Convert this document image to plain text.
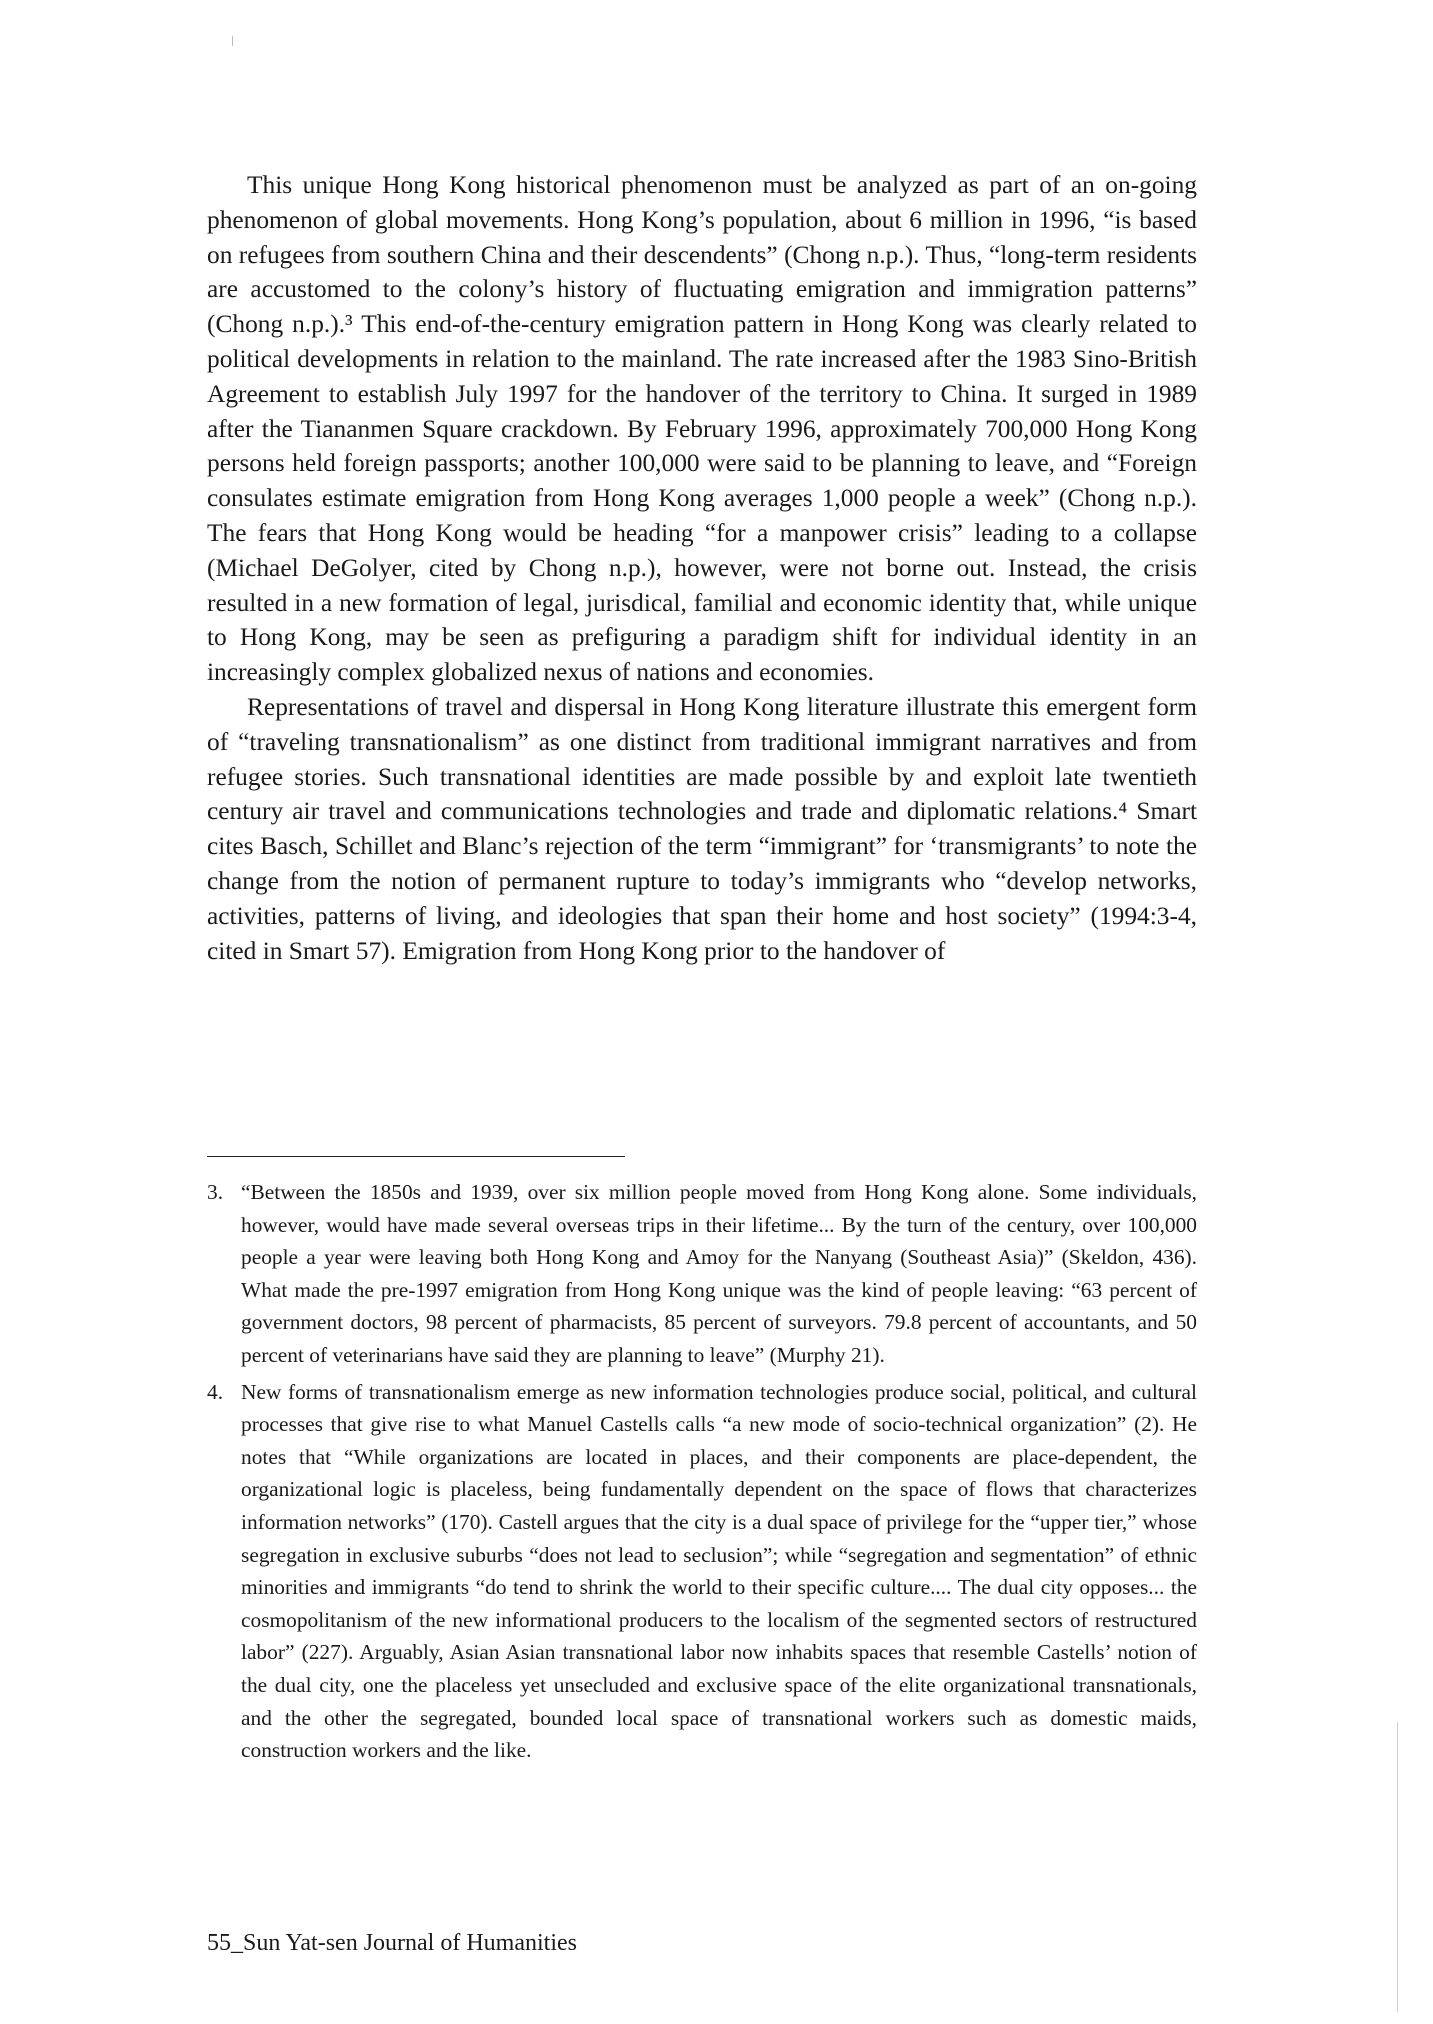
This unique Hong Kong historical phenomenon must be analyzed as part of an on-going phenomenon of global movements. Hong Kong’s population, about 6 million in 1996, “is based on refugees from southern China and their descendents” (Chong n.p.). Thus, “long-term residents are accustomed to the colony’s history of fluctuating emigration and immigration patterns” (Chong n.p.).³ This end-of-the-century emigration pattern in Hong Kong was clearly related to political developments in relation to the mainland. The rate increased after the 1983 Sino-British Agreement to establish July 1997 for the handover of the territory to China. It surged in 1989 after the Tiananmen Square crackdown. By February 1996, approximately 700,000 Hong Kong persons held foreign passports; another 100,000 were said to be planning to leave, and “Foreign consulates estimate emigration from Hong Kong averages 1,000 people a week” (Chong n.p.). The fears that Hong Kong would be heading “for a manpower crisis” leading to a collapse (Michael DeGolyer, cited by Chong n.p.), however, were not borne out. Instead, the crisis resulted in a new formation of legal, jurisdical, familial and economic identity that, while unique to Hong Kong, may be seen as prefiguring a paradigm shift for individual identity in an increasingly complex globalized nexus of nations and economies.

Representations of travel and dispersal in Hong Kong literature illustrate this emergent form of “traveling transnationalism” as one distinct from traditional immigrant narratives and from refugee stories. Such transnational identities are made possible by and exploit late twentieth century air travel and communications technologies and trade and diplomatic relations.⁴ Smart cites Basch, Schillet and Blanc’s rejection of the term “immigrant” for ‘transmigrants’ to note the change from the notion of permanent rupture to today’s immigrants who “develop networks, activities, patterns of living, and ideologies that span their home and host society” (1994:3-4, cited in Smart 57). Emigration from Hong Kong prior to the handover of

3. “Between the 1850s and 1939, over six million people moved from Hong Kong alone. Some individuals, however, would have made several overseas trips in their lifetime... By the turn of the century, over 100,000 people a year were leaving both Hong Kong and Amoy for the Nanyang (Southeast Asia)” (Skeldon, 436). What made the pre-1997 emigration from Hong Kong unique was the kind of people leaving: “63 percent of government doctors, 98 percent of pharmacists, 85 percent of surveyors. 79.8 percent of accountants, and 50 percent of veterinarians have said they are planning to leave” (Murphy 21).
4. New forms of transnationalism emerge as new information technologies produce social, political, and cultural processes that give rise to what Manuel Castells calls “a new mode of socio-technical organization” (2). He notes that “While organizations are located in places, and their components are place-dependent, the organizational logic is placeless, being fundamentally dependent on the space of flows that characterizes information networks” (170). Castell argues that the city is a dual space of privilege for the “upper tier,” whose segregation in exclusive suburbs “does not lead to seclusion”; while “segregation and segmentation” of ethnic minorities and immigrants “do tend to shrink the world to their specific culture.... The dual city opposes... the cosmopolitanism of the new informational producers to the localism of the segmented sectors of restructured labor” (227). Arguably, Asian Asian transnational labor now inhabits spaces that resemble Castells’ notion of the dual city, one the placeless yet unsecluded and exclusive space of the elite organizational transnationals, and the other the segregated, bounded local space of transnational workers such as domestic maids, construction workers and the like.
55_Sun Yat-sen Journal of Humanities
